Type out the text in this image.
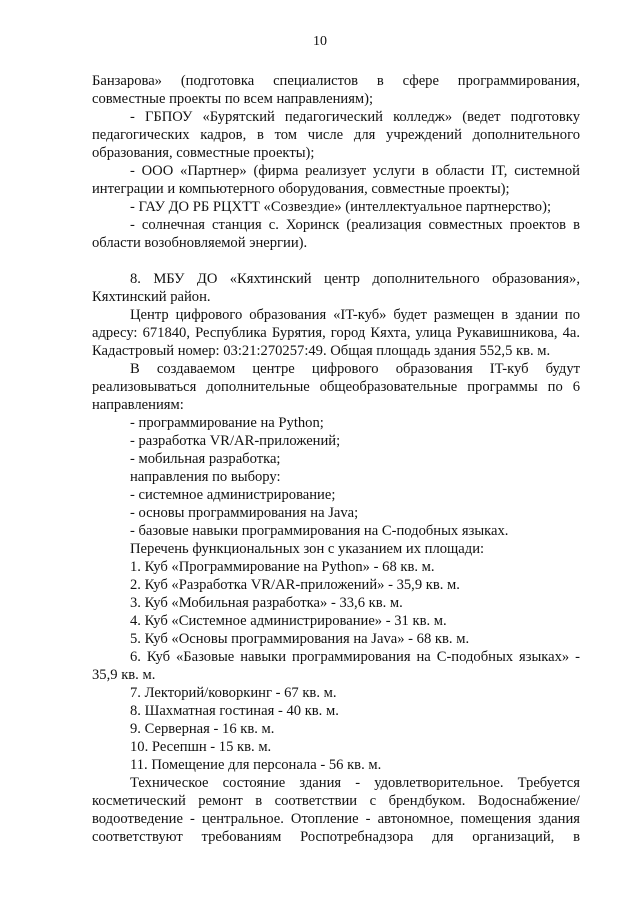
10

Банзарова» (подготовка специалистов в сфере программирования, совместные проекты по всем направлениям);

- ГБПОУ «Бурятский педагогический колледж» (ведет подготовку педагогических кадров, в том числе для учреждений дополнительного образования, совместные проекты);

- ООО «Партнер» (фирма реализует услуги в области IT, системной интеграции и компьютерного оборудования, совместные проекты);

- ГАУ ДО РБ РЦХТТ «Созвездие» (интеллектуальное партнерство);

- солнечная станция с. Хоринск (реализация совместных проектов в области возобновляемой энергии).

8. МБУ ДО «Кяхтинский центр дополнительного образования», Кяхтинский район.

Центр цифрового образования «IT-куб» будет размещен в здании по адресу: 671840, Республика Бурятия, город Кяхта, улица Рукавишникова, 4а. Кадастровый номер: 03:21:270257:49. Общая площадь здания 552,5 кв. м.

В создаваемом центре цифрового образования IT-куб будут реализовываться дополнительные общеобразовательные программы по 6 направлениям:

- программирование на Python;

- разработка VR/AR-приложений;

- мобильная разработка;

направления по выбору:

- системное администрирование;

- основы программирования на Java;

- базовые навыки программирования на С-подобных языках.

Перечень функциональных зон с указанием их площади:

1. Куб «Программирование на Python» - 68 кв. м.

2. Куб «Разработка VR/AR-приложений» - 35,9 кв. м.

3. Куб «Мобильная разработка» - 33,6 кв. м.

4. Куб «Системное администрирование» - 31 кв. м.

5. Куб «Основы программирования на Java» - 68 кв. м.

6. Куб «Базовые навыки программирования на С-подобных языках» - 35,9 кв. м.

7. Лекторий/коворкинг - 67 кв. м.

8. Шахматная гостиная - 40 кв. м.

9. Серверная - 16 кв. м.

10. Ресепшн - 15 кв. м.

11. Помещение для персонала - 56 кв. м.

Техническое состояние здания - удовлетворительное. Требуется косметический ремонт в соответствии с брендбуком. Водоснабжение/водоотведение - центральное. Отопление - автономное, помещения здания соответствуют требованиям Роспотребнадзора для организаций, в
